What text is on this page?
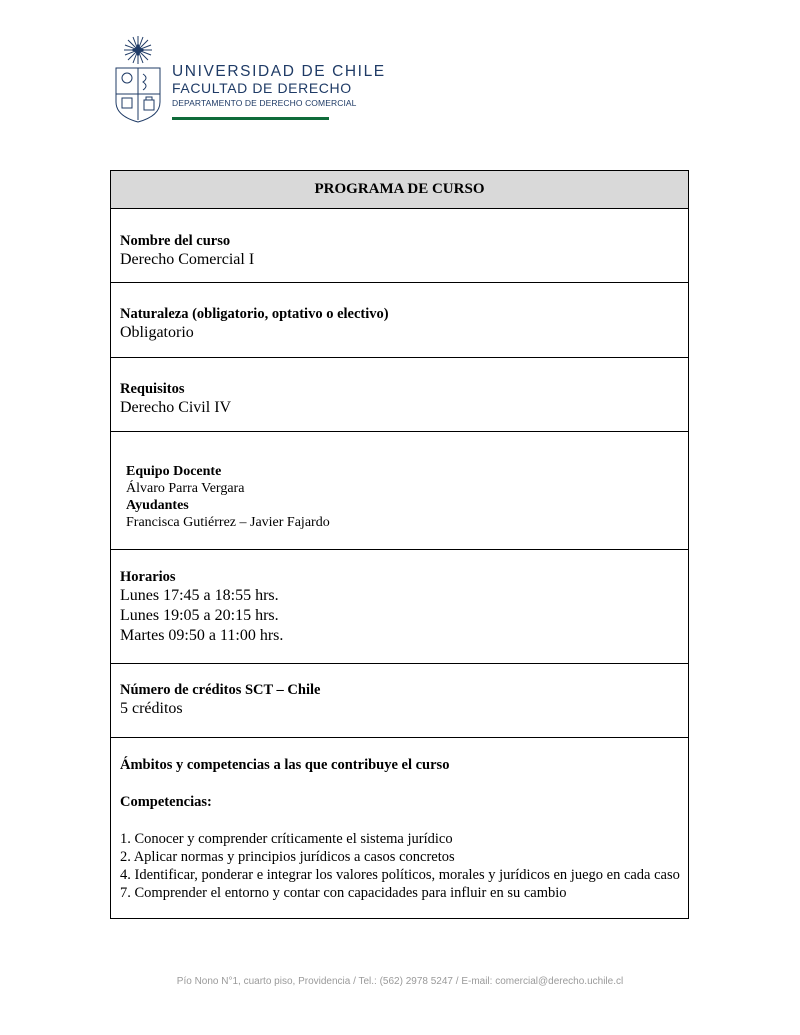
UNIVERSIDAD DE CHILE
FACULTAD DE DERECHO
DEPARTAMENTO DE DERECHO COMERCIAL
PROGRAMA DE CURSO
Nombre del curso
Derecho Comercial I
Naturaleza (obligatorio, optativo o electivo)
Obligatorio
Requisitos
Derecho Civil IV
Equipo Docente
Álvaro Parra Vergara
Ayudantes
Francisca Gutiérrez – Javier Fajardo
Horarios
Lunes 17:45 a 18:55 hrs.
Lunes 19:05 a 20:15 hrs.
Martes 09:50 a 11:00 hrs.
Número de créditos SCT – Chile
5 créditos
Ámbitos y competencias a las que contribuye el curso
Competencias:
1. Conocer y comprender críticamente el sistema jurídico
2. Aplicar normas y principios jurídicos a casos concretos
4. Identificar, ponderar e integrar los valores políticos, morales y jurídicos en juego en cada caso
7. Comprender el entorno y contar con capacidades para influir en su cambio
Pío Nono N°1, cuarto piso, Providencia / Tel.: (562) 2978 5247 / E-mail: comercial@derecho.uchile.cl
